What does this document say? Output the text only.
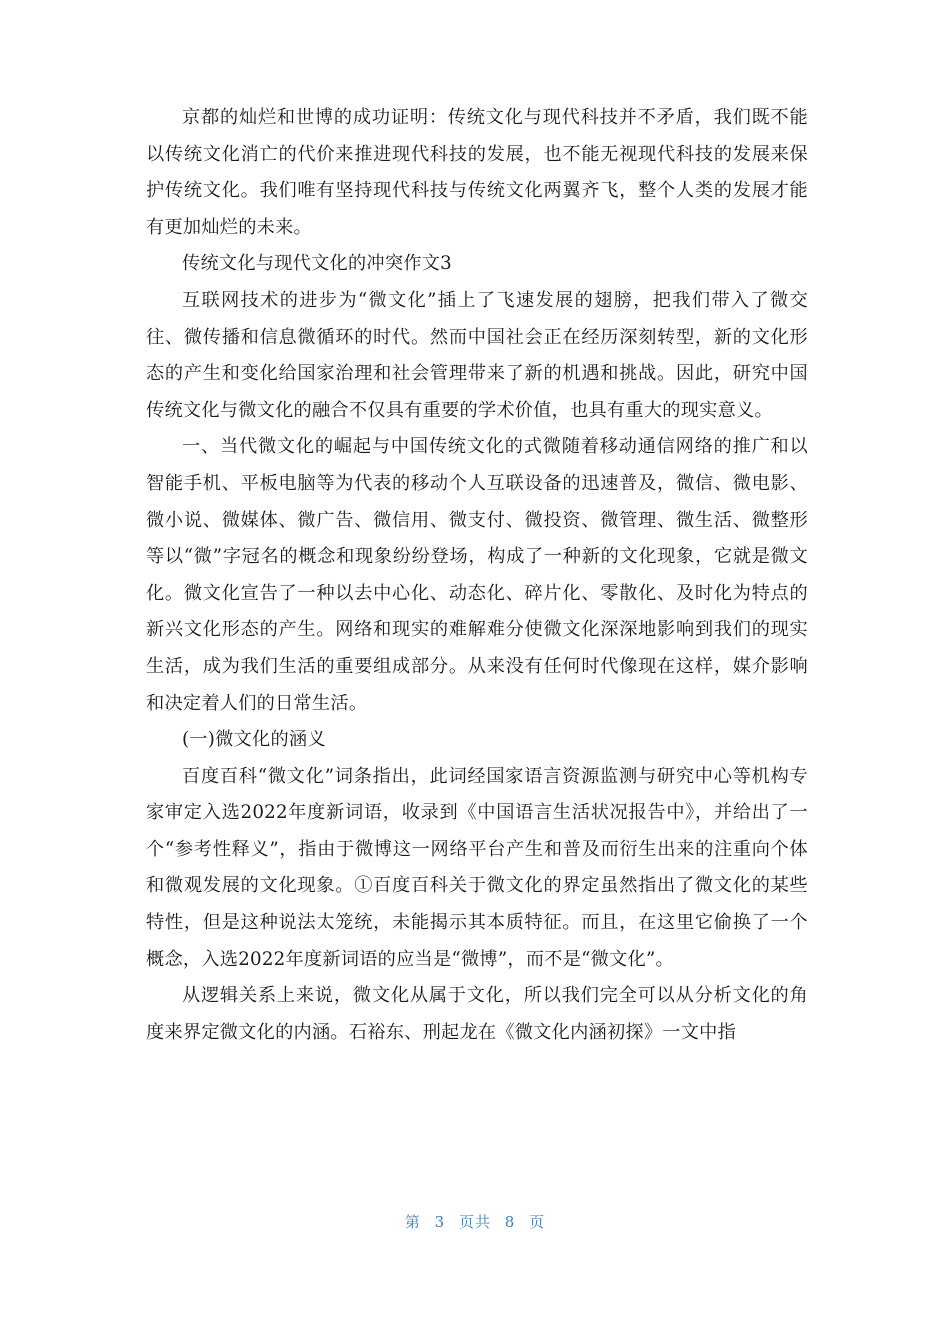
京都的灿烂和世博的成功证明：传统文化与现代科技并不矛盾，我们既不能以传统文化消亡的代价来推进现代科技的发展，也不能无视现代科技的发展来保护传统文化。我们唯有坚持现代科技与传统文化两翼齐飞，整个人类的发展才能有更加灿烂的未来。

传统文化与现代文化的冲突作文3

互联网技术的进步为“微文化”插上了飞速发展的翅膀，把我们带入了微交往、微传播和信息微循环的时代。然而中国社会正在经历深刻转型，新的文化形态的产生和变化给国家治理和社会管理带来了新的机遇和挑战。因此，研究中国传统文化与微文化的融合不仅具有重要的学术价值，也具有重大的现实意义。

一、当代微文化的崛起与中国传统文化的式微随着移动通信网络的推广和以智能手机、平板电脑等为代表的移动个人互联设备的迅速普及，微信、微电影、微小说、微媒体、微广告、微信用、微支付、微投资、微管理、微生活、微整形等以“微”字冠名的概念和现象纷纷登场，构成了一种新的文化现象，它就是微文化。微文化宣告了一种以去中心化、动态化、碎片化、零散化、及时化为特点的新兴文化形态的产生。网络和现实的难解难分使微文化深深地影响到我们的现实生活，成为我们生活的重要组成部分。从来没有任何时代像现在这样，媒介影响和决定着人们的日常生活。

(一)微文化的涵义

百度百科“微文化”词条指出，此词经国家语言资源监测与研究中心等机构专家审定入选2022年度新词语，收录到《中国语言生活状况报告中》，并给出了一个“参考性释义”，指由于微博这一网络平台产生和普及而衍生出来的注重向个体和微观发展的文化现象。①百度百科关于微文化的界定虽然指出了微文化的某些特性，但是这种说法太笼统，未能揭示其本质特征。而且，在这里它偷换了一个概念，入选2022年度新词语的应当是“微博”，而不是“微文化”。

从逻辑关系上来说，微文化从属于文化，所以我们完全可以从分析文化的角度来界定微文化的内涵。石裕东、刑起龙在《微文化内涵初探》一文中指

第 3 页共 8 页
